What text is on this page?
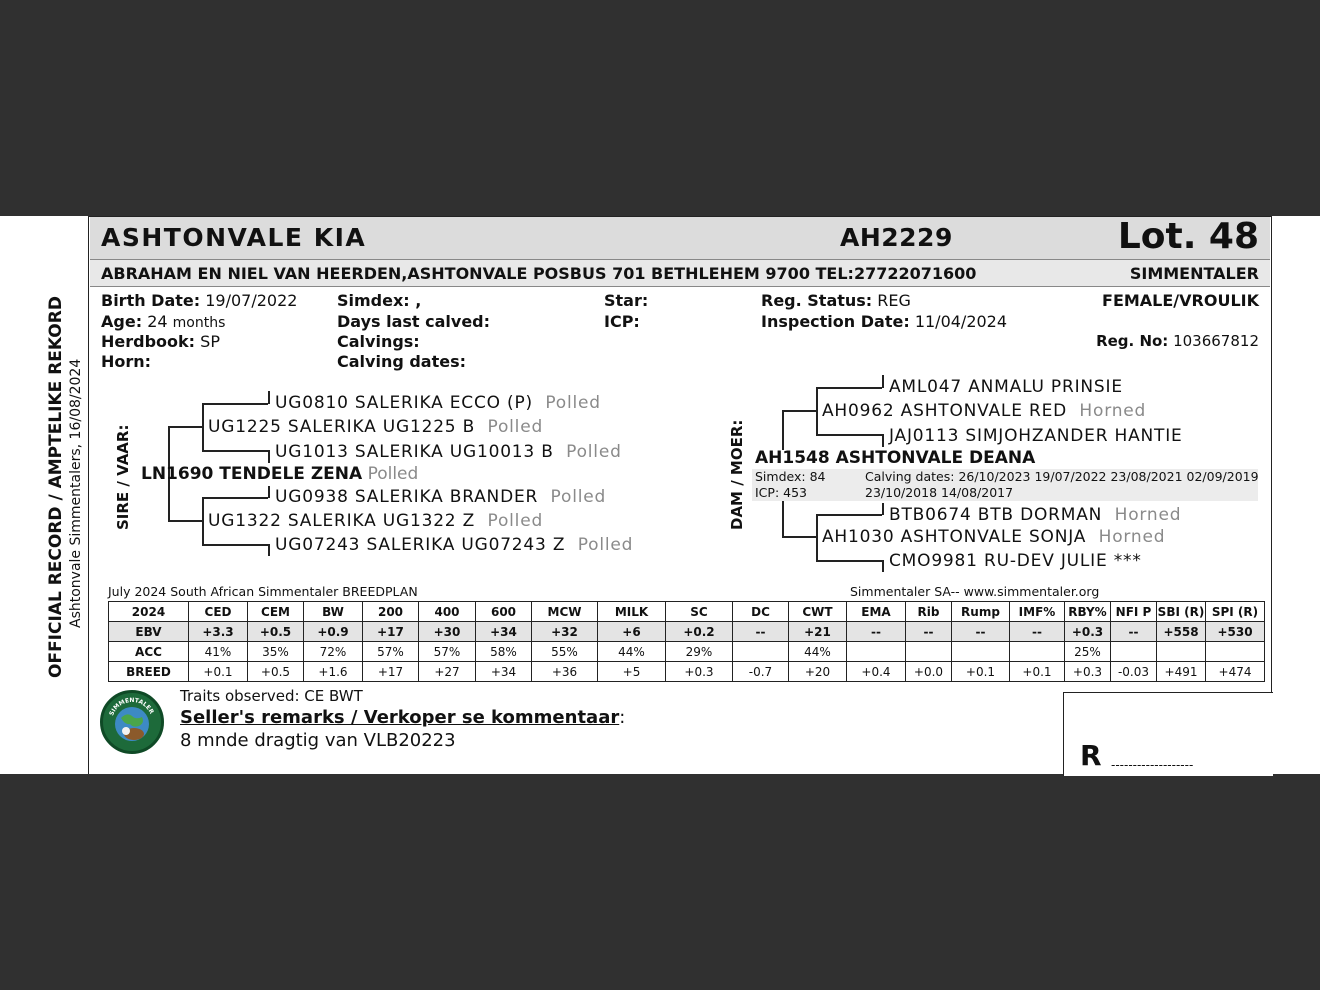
OFFICIAL RECORD / AMPTELIKE REKORD Ashtonvale Simmentalers, 16/08/2024
ASHTONVALE KIA	AH2229	Lot. 48
ABRAHAM EN NIEL VAN HEERDEN,ASHTONVALE POSBUS 701 BETHLEHEM 9700 TEL:27722071600	SIMMENTALER
Birth Date: 19/07/2022
Age: 24 months
Herdbook: SP
Horn:
Simdex: ,
Days last calved:
Calvings:
Calving dates:
Star:
ICP:
Reg. Status: REG
Inspection Date: 11/04/2024
FEMALE/VROULIK
Reg. No: 103667812
SIRE / VAAR:
UG0810 SALERIKA ECCO (P) Polled
UG1225 SALERIKA UG1225 B Polled
UG1013 SALERIKA UG10013 B Polled
LN1690 TENDELE ZENA Polled
UG0938 SALERIKA BRANDER Polled
UG1322 SALERIKA UG1322 Z Polled
UG07243 SALERIKA UG07243 Z Polled
DAM / MOER:
AML047 ANMALU PRINSIE
AH0962 ASHTONVALE RED Horned
JAJ0113 SIMJOHZANDER HANTIE
AH1548 ASHTONVALE DEANA
Simdex: 84
ICP: 453
Calving dates: 26/10/2023 19/07/2022 23/08/2021 02/09/2019
23/10/2018 14/08/2017
BTB0674 BTB DORMAN Horned
AH1030 ASHTONVALE SONJA Horned
CMO9981 RU-DEV JULIE ***
July 2024 South African Simmentaler BREEDPLAN	Simmentaler SA-- www.simmentaler.org
2024	CED	CEM	BW	200	400	600	MCW	MILK	SC	DC	CWT	EMA	Rib	Rump	IMF%	RBY%	NFI P	SBI (R)	SPI (R)
EBV	+3.3	+0.5	+0.9	+17	+30	+34	+32	+6	+0.2	--	+21	--	--	--	--	+0.3	--	+558	+530
ACC	41%	35%	72%	57%	57%	58%	55%	44%	29%		44%					25%			
BREED	+0.1	+0.5	+1.6	+17	+27	+34	+36	+5	+0.3	-0.7	+20	+0.4	+0.0	+0.1	+0.1	+0.3	-0.03	+491	+474
SIMMENTALER
Traits observed: CE BWT
Seller's remarks / Verkoper se kommentaar:
8 mnde dragtig van VLB20223	R -------------------
